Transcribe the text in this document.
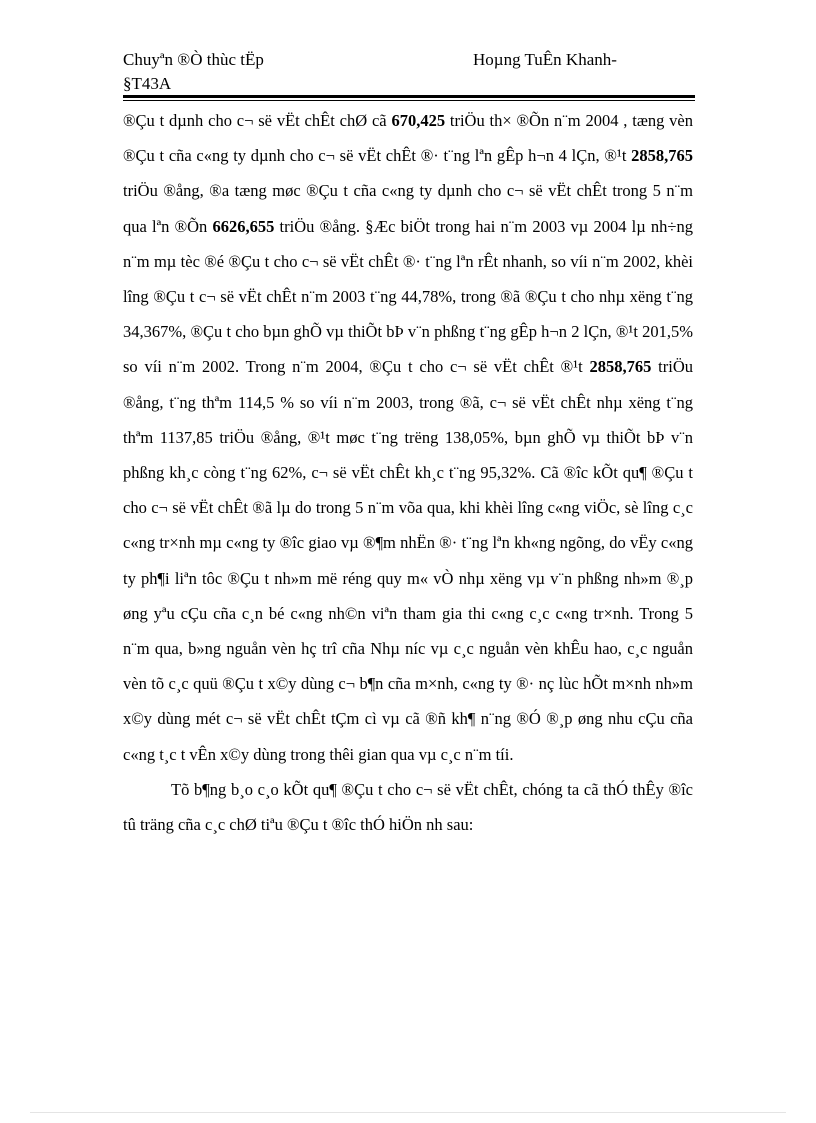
Chuyªn ®Ò thùc tËp
§T43A
Hoµng TuÊn Khanh-

®Çu t dµnh cho c¬ së vËt chÊt chØ cã 670,425 triÖu th× ®Õn n¨m 2004 , tæng vèn ®Çu t cña c«ng ty dµnh cho c¬ së vËt chÊt ®· t¨ng lªn gÊp h¬n 4 lÇn, ®¹t 2858,765 triÖu ®ång, ®a tæng møc ®Çu t cña c«ng ty dµnh cho c¬ së vËt chÊt trong 5 n¨m qua lªn ®Õn 6626,655 triÖu ®ång. §Æc biÖt trong hai n¨m 2003 vµ 2004 lµ nh÷ng n¨m mµ tèc ®é ®Çu t cho c¬ së vËt chÊt ®· t¨ng lªn rÊt nhanh, so víi n¨m 2002, khèi lîng ®Çu t c¬ së vËt chÊt n¨m 2003 t¨ng 44,78%, trong ®ã ®Çu t cho nhµ xëng t¨ng 34,367%, ®Çu t cho bµn ghÕ vµ thiÕt bÞ v¨n phßng t¨ng gÊp h¬n 2 lÇn, ®¹t 201,5% so víi n¨m 2002. Trong n¨m 2004, ®Çu t cho c¬ së vËt chÊt ®¹t 2858,765 triÖu ®ång, t¨ng thªm 114,5 % so víi n¨m 2003, trong ®ã, c¬ së vËt chÊt nhµ xëng t¨ng thªm 1137,85 triÖu ®ång, ®¹t møc t¨ng trëng 138,05%, bµn ghÕ vµ thiÕt bÞ v¨n phßng kh¸c còng t¨ng 62%, c¬ së vËt chÊt kh¸c t¨ng 95,32%. Cã ®îc kÕt qu¶ ®Çu t cho c¬ së vËt chÊt ®ã lµ do trong 5 n¨m võa qua, khi khèi lîng c«ng viÖc, sè lîng c¸c c«ng tr×nh mµ c«ng ty ®îc giao vµ ®¶m nhËn ®· t¨ng lªn kh«ng ngõng, do vËy c«ng ty ph¶i liªn tôc ®Çu t nh»m më réng quy m« vÒ nhµ xëng vµ v¨n phßng nh»m ®¸p øng yªu cÇu cña c¸n bé c«ng nh©n viªn tham gia thi c«ng c¸c c«ng tr×nh. Trong 5 n¨m qua, b»ng nguån vèn hç trî cña Nhµ níc vµ c¸c nguån vèn khÊu hao, c¸c nguån vèn tõ c¸c quü ®Çu t x©y dùng c¬ b¶n cña m×nh, c«ng ty ®· nç lùc hÕt m×nh nh»m x©y dùng mét c¬ së vËt chÊt tÇm cì vµ cã ®ñ kh¶ n¨ng ®Ó ®¸p øng nhu cÇu cña c«ng t¸c t vÊn x©y dùng trong thêi gian qua vµ c¸c n¨m tíi.

Tõ b¶ng b¸o c¸o kÕt qu¶ ®Çu t cho c¬ së vËt chÊt, chóng ta cã thÓ thÊy ®îc tû träng cña c¸c chØ tiªu ®Çu t ®îc thÓ hiÖn nh sau:
